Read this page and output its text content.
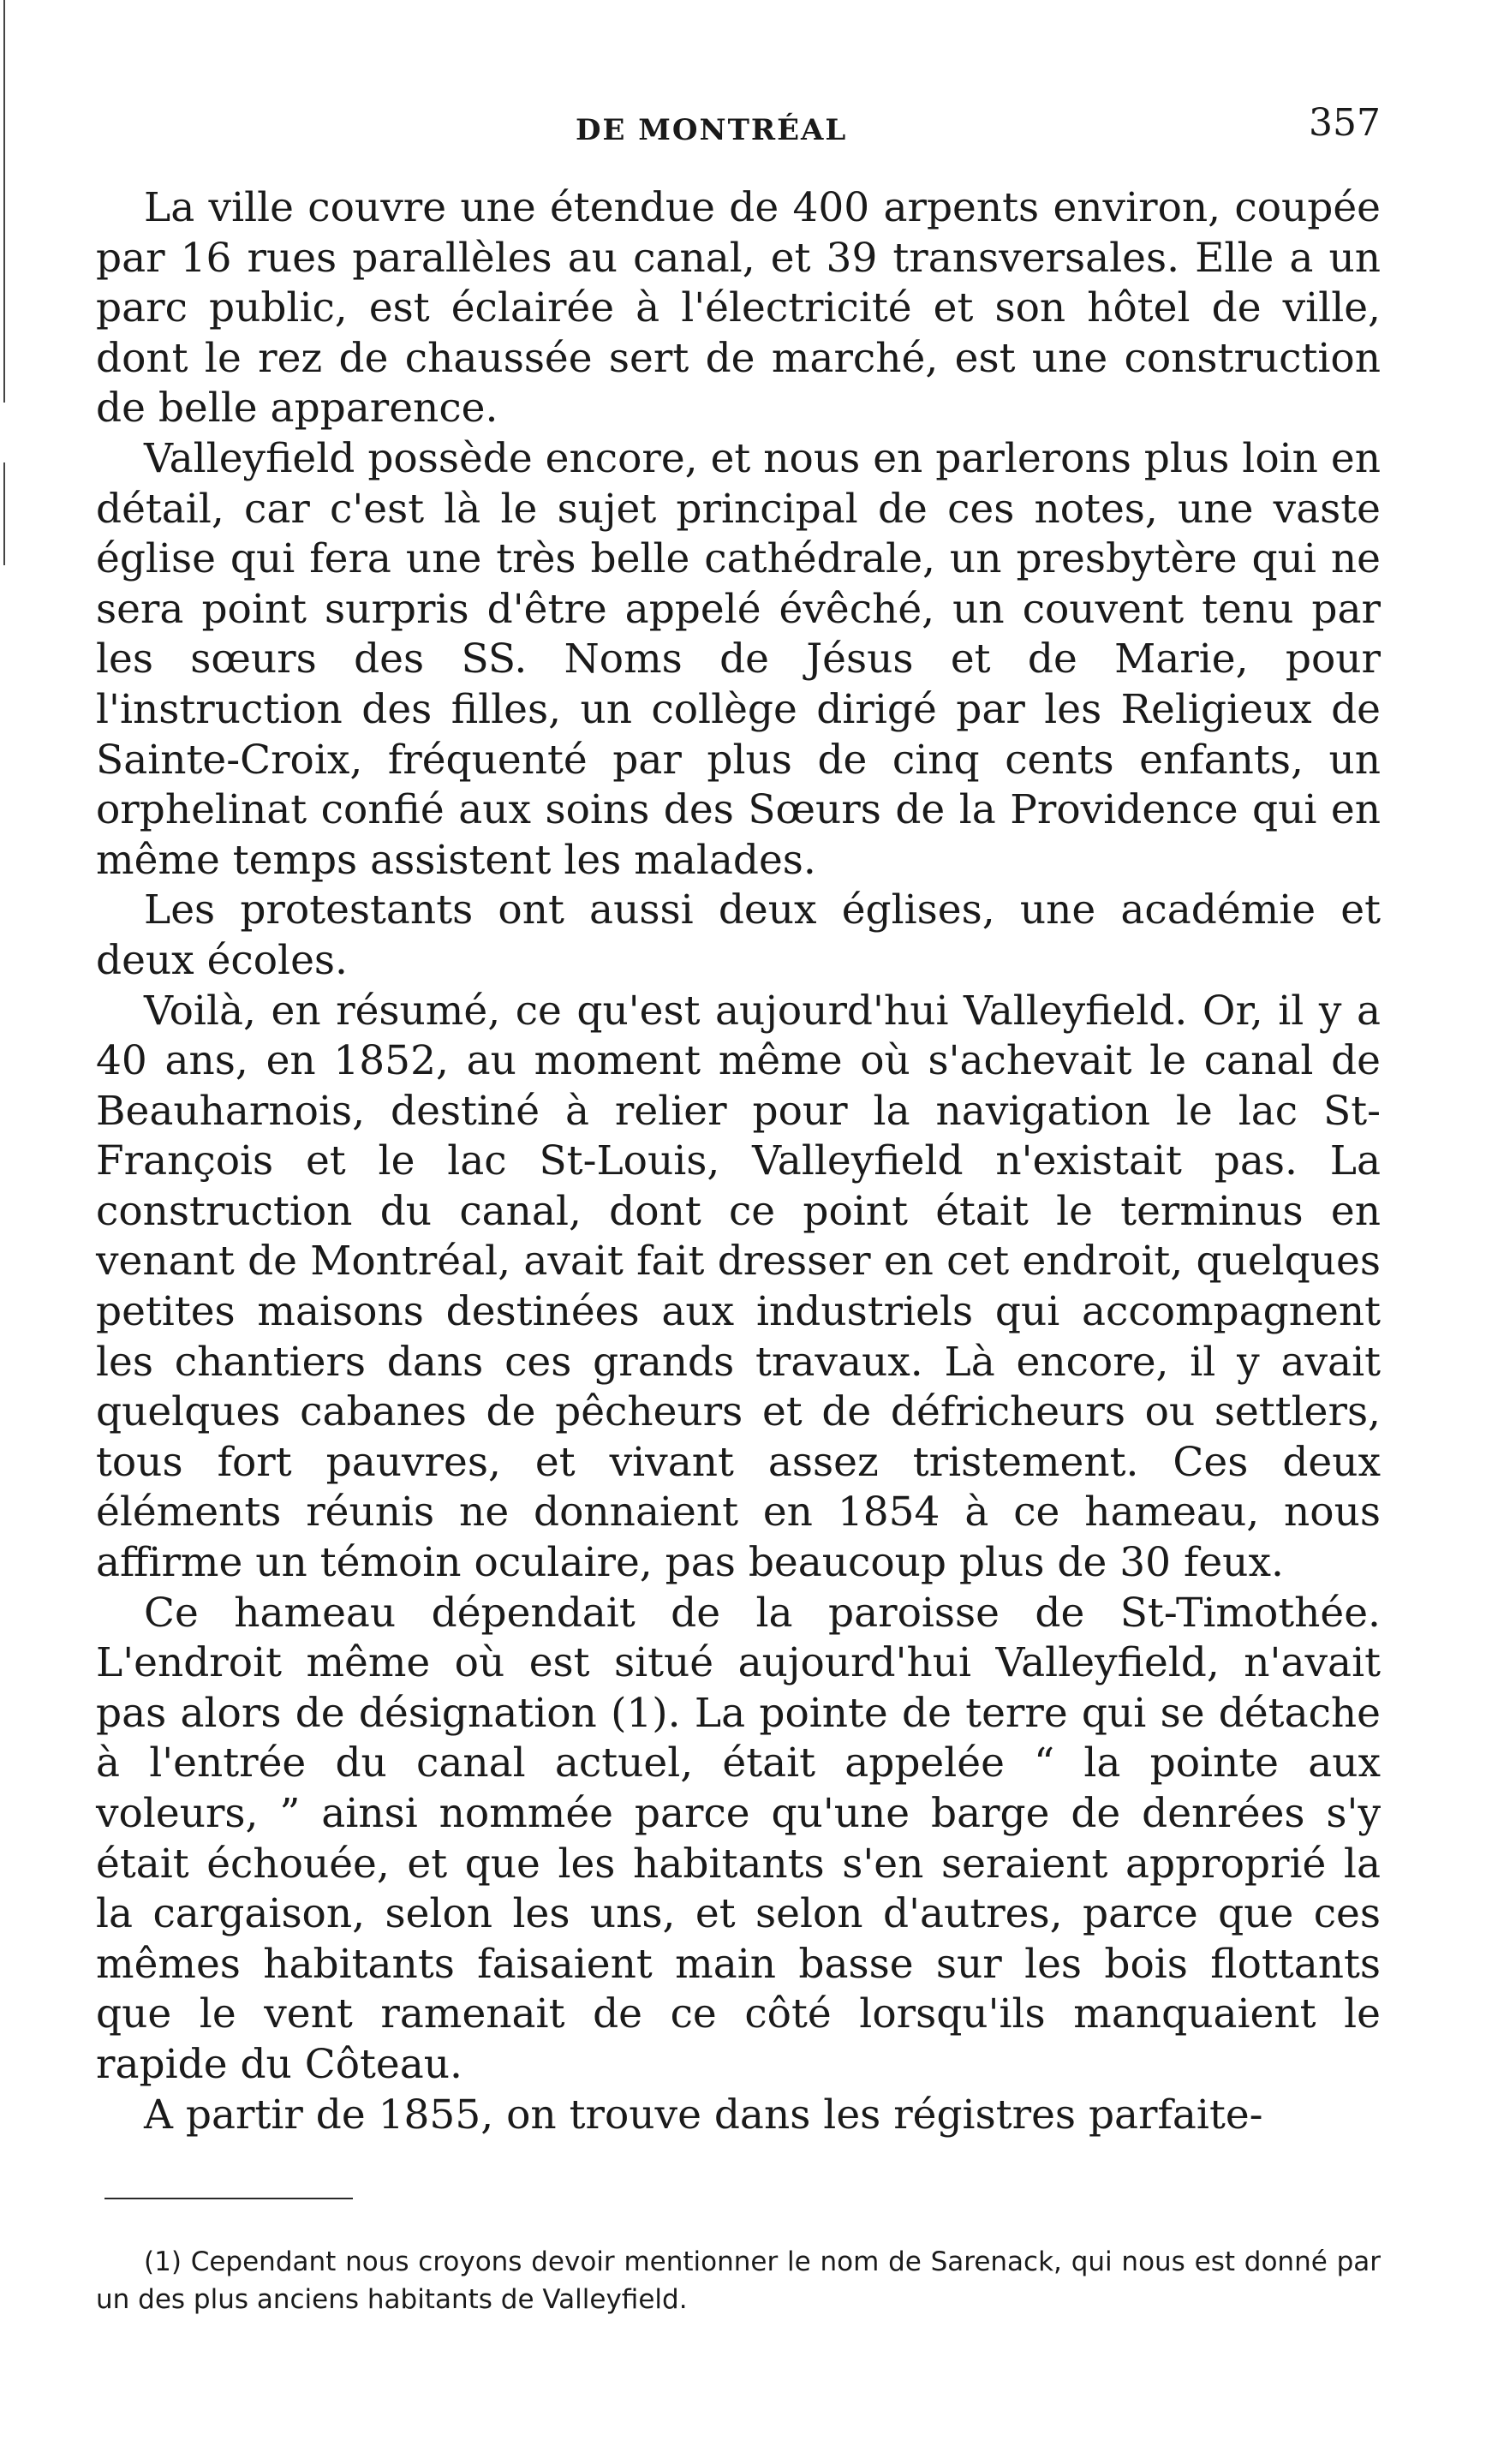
DE MONTRÉAL	357

La ville couvre une étendue de 400 arpents environ, coupée par 16 rues parallèles au canal, et 39 transversales. Elle a un parc public, est éclairée à l'électricité et son hôtel de ville, dont le rez de chaussée sert de marché, est une construction de belle apparence.

Valleyfield possède encore, et nous en parlerons plus loin en détail, car c'est là le sujet principal de ces notes, une vaste église qui fera une très belle cathédrale, un presbytère qui ne sera point surpris d'être appelé évêché, un couvent tenu par les sœurs des SS. Noms de Jésus et de Marie, pour l'instruction des filles, un collège dirigé par les Religieux de Sainte-Croix, fréquenté par plus de cinq cents enfants, un orphelinat confié aux soins des Sœurs de la Providence qui en même temps assistent les malades.

Les protestants ont aussi deux églises, une académie et deux écoles.

Voilà, en résumé, ce qu'est aujourd'hui Valleyfield. Or, il y a 40 ans, en 1852, au moment même où s'achevait le canal de Beauharnois, destiné à relier pour la navigation le lac St-François et le lac St-Louis, Valleyfield n'existait pas. La construction du canal, dont ce point était le terminus en venant de Montréal, avait fait dresser en cet endroit, quelques petites maisons destinées aux industriels qui accompagnent les chantiers dans ces grands travaux. Là encore, il y avait quelques cabanes de pêcheurs et de défricheurs ou settlers, tous fort pauvres, et vivant assez tristement. Ces deux éléments réunis ne donnaient en 1854 à ce hameau, nous affirme un témoin oculaire, pas beaucoup plus de 30 feux.

Ce hameau dépendait de la paroisse de St-Timothée. L'endroit même où est situé aujourd'hui Valleyfield, n'avait pas alors de désignation (1). La pointe de terre qui se détache à l'entrée du canal actuel, était appelée “ la pointe aux voleurs, ” ainsi nommée parce qu'une barge de denrées s'y était échouée, et que les habitants s'en seraient approprié la la cargaison, selon les uns, et selon d'autres, parce que ces mêmes habitants faisaient main basse sur les bois flottants que le vent ramenait de ce côté lorsqu'ils manquaient le rapide du Côteau.

A partir de 1855, on trouve dans les régistres parfaite-

(1) Cependant nous croyons devoir mentionner le nom de Sarenack, qui nous est donné par un des plus anciens habitants de Valleyfield.
